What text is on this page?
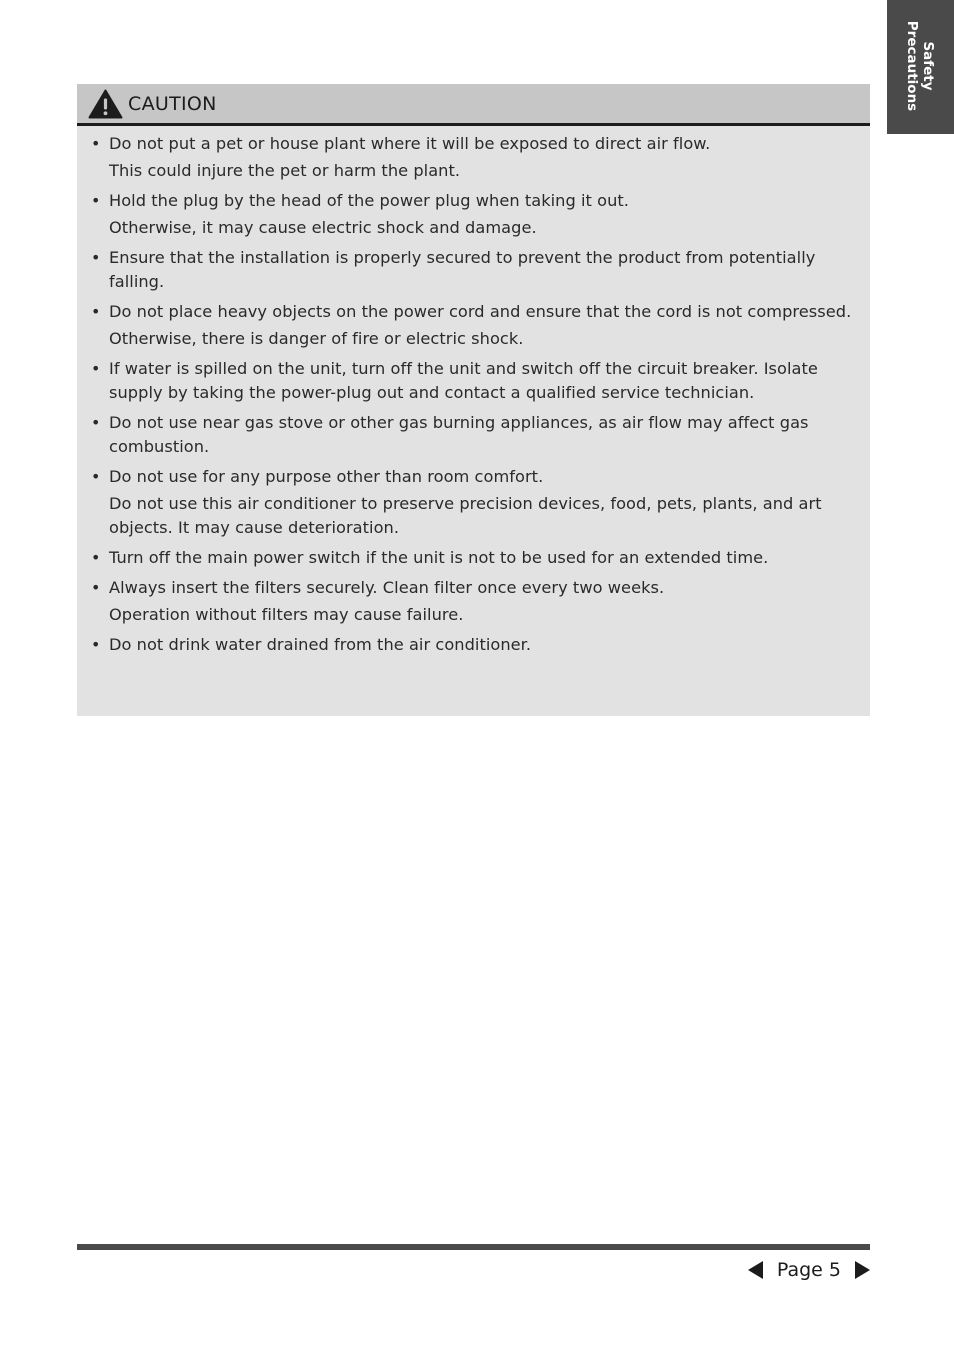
Safety
Precautions
CAUTION
• Do not put a pet or house plant where it will be exposed to direct air flow.
This could injure the pet or harm the plant.
• Hold the plug by the head of the power plug when taking it out.
Otherwise, it may cause electric shock and damage.
• Ensure that the installation is properly secured to prevent the product from potentially falling.
• Do not place heavy objects on the power cord and ensure that the cord is not compressed.
Otherwise, there is danger of fire or electric shock.
• If water is spilled on the unit, turn off the unit and switch off the circuit breaker. Isolate supply by taking the power-plug out and contact a qualified service technician.
• Do not use near gas stove or other gas burning appliances, as air flow may affect gas combustion.
• Do not use for any purpose other than room comfort.
Do not use this air conditioner to preserve precision devices, food, pets, plants, and art objects. It may cause deterioration.
• Turn off the main power switch if the unit is not to be used for an extended time.
• Always insert the filters securely. Clean filter once every two weeks.
Operation without filters may cause failure.
• Do not drink water drained from the air conditioner.
Page 5
